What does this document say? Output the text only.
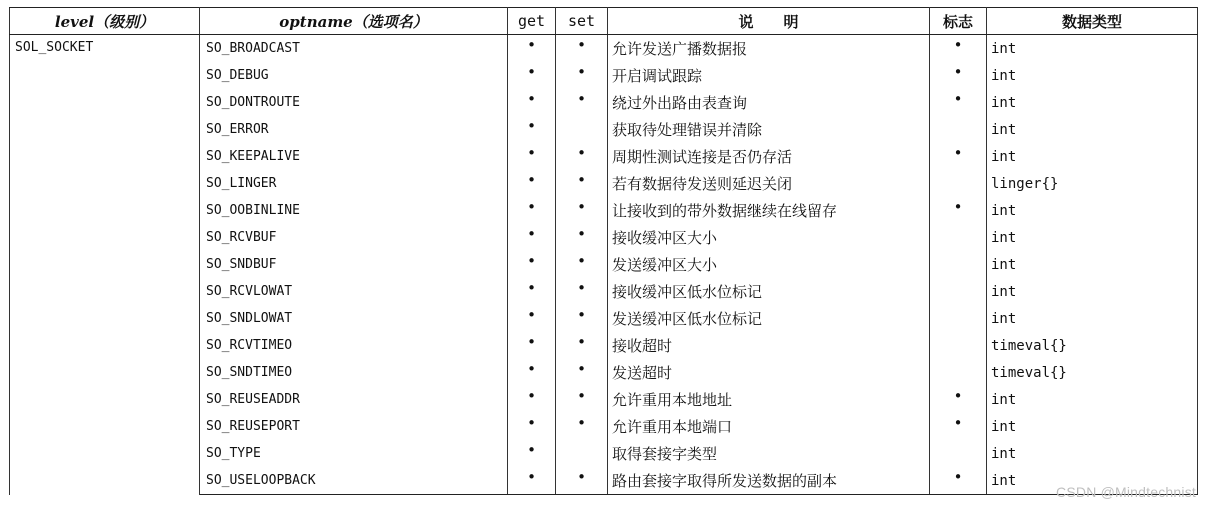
level（级别）	optname（选项名）	get	set	说　　明	标志	数据类型
SOL_SOCKET	SO_BROADCAST	•	•	允许发送广播数据报	•	int
	SO_DEBUG	•	•	开启调试跟踪	•	int
	SO_DONTROUTE	•	•	绕过外出路由表查询	•	int
	SO_ERROR	•		获取待处理错误并清除		int
	SO_KEEPALIVE	•	•	周期性测试连接是否仍存活	•	int
	SO_LINGER	•	•	若有数据待发送则延迟关闭		linger{}
	SO_OOBINLINE	•	•	让接收到的带外数据继续在线留存	•	int
	SO_RCVBUF	•	•	接收缓冲区大小		int
	SO_SNDBUF	•	•	发送缓冲区大小		int
	SO_RCVLOWAT	•	•	接收缓冲区低水位标记		int
	SO_SNDLOWAT	•	•	发送缓冲区低水位标记		int
	SO_RCVTIMEO	•	•	接收超时		timeval{}
	SO_SNDTIMEO	•	•	发送超时		timeval{}
	SO_REUSEADDR	•	•	允许重用本地地址	•	int
	SO_REUSEPORT	•	•	允许重用本地端口	•	int
	SO_TYPE	•		取得套接字类型		int
	SO_USELOOPBACK	•	•	路由套接字取得所发送数据的副本	•	int
CSDN @Mindtechnist
